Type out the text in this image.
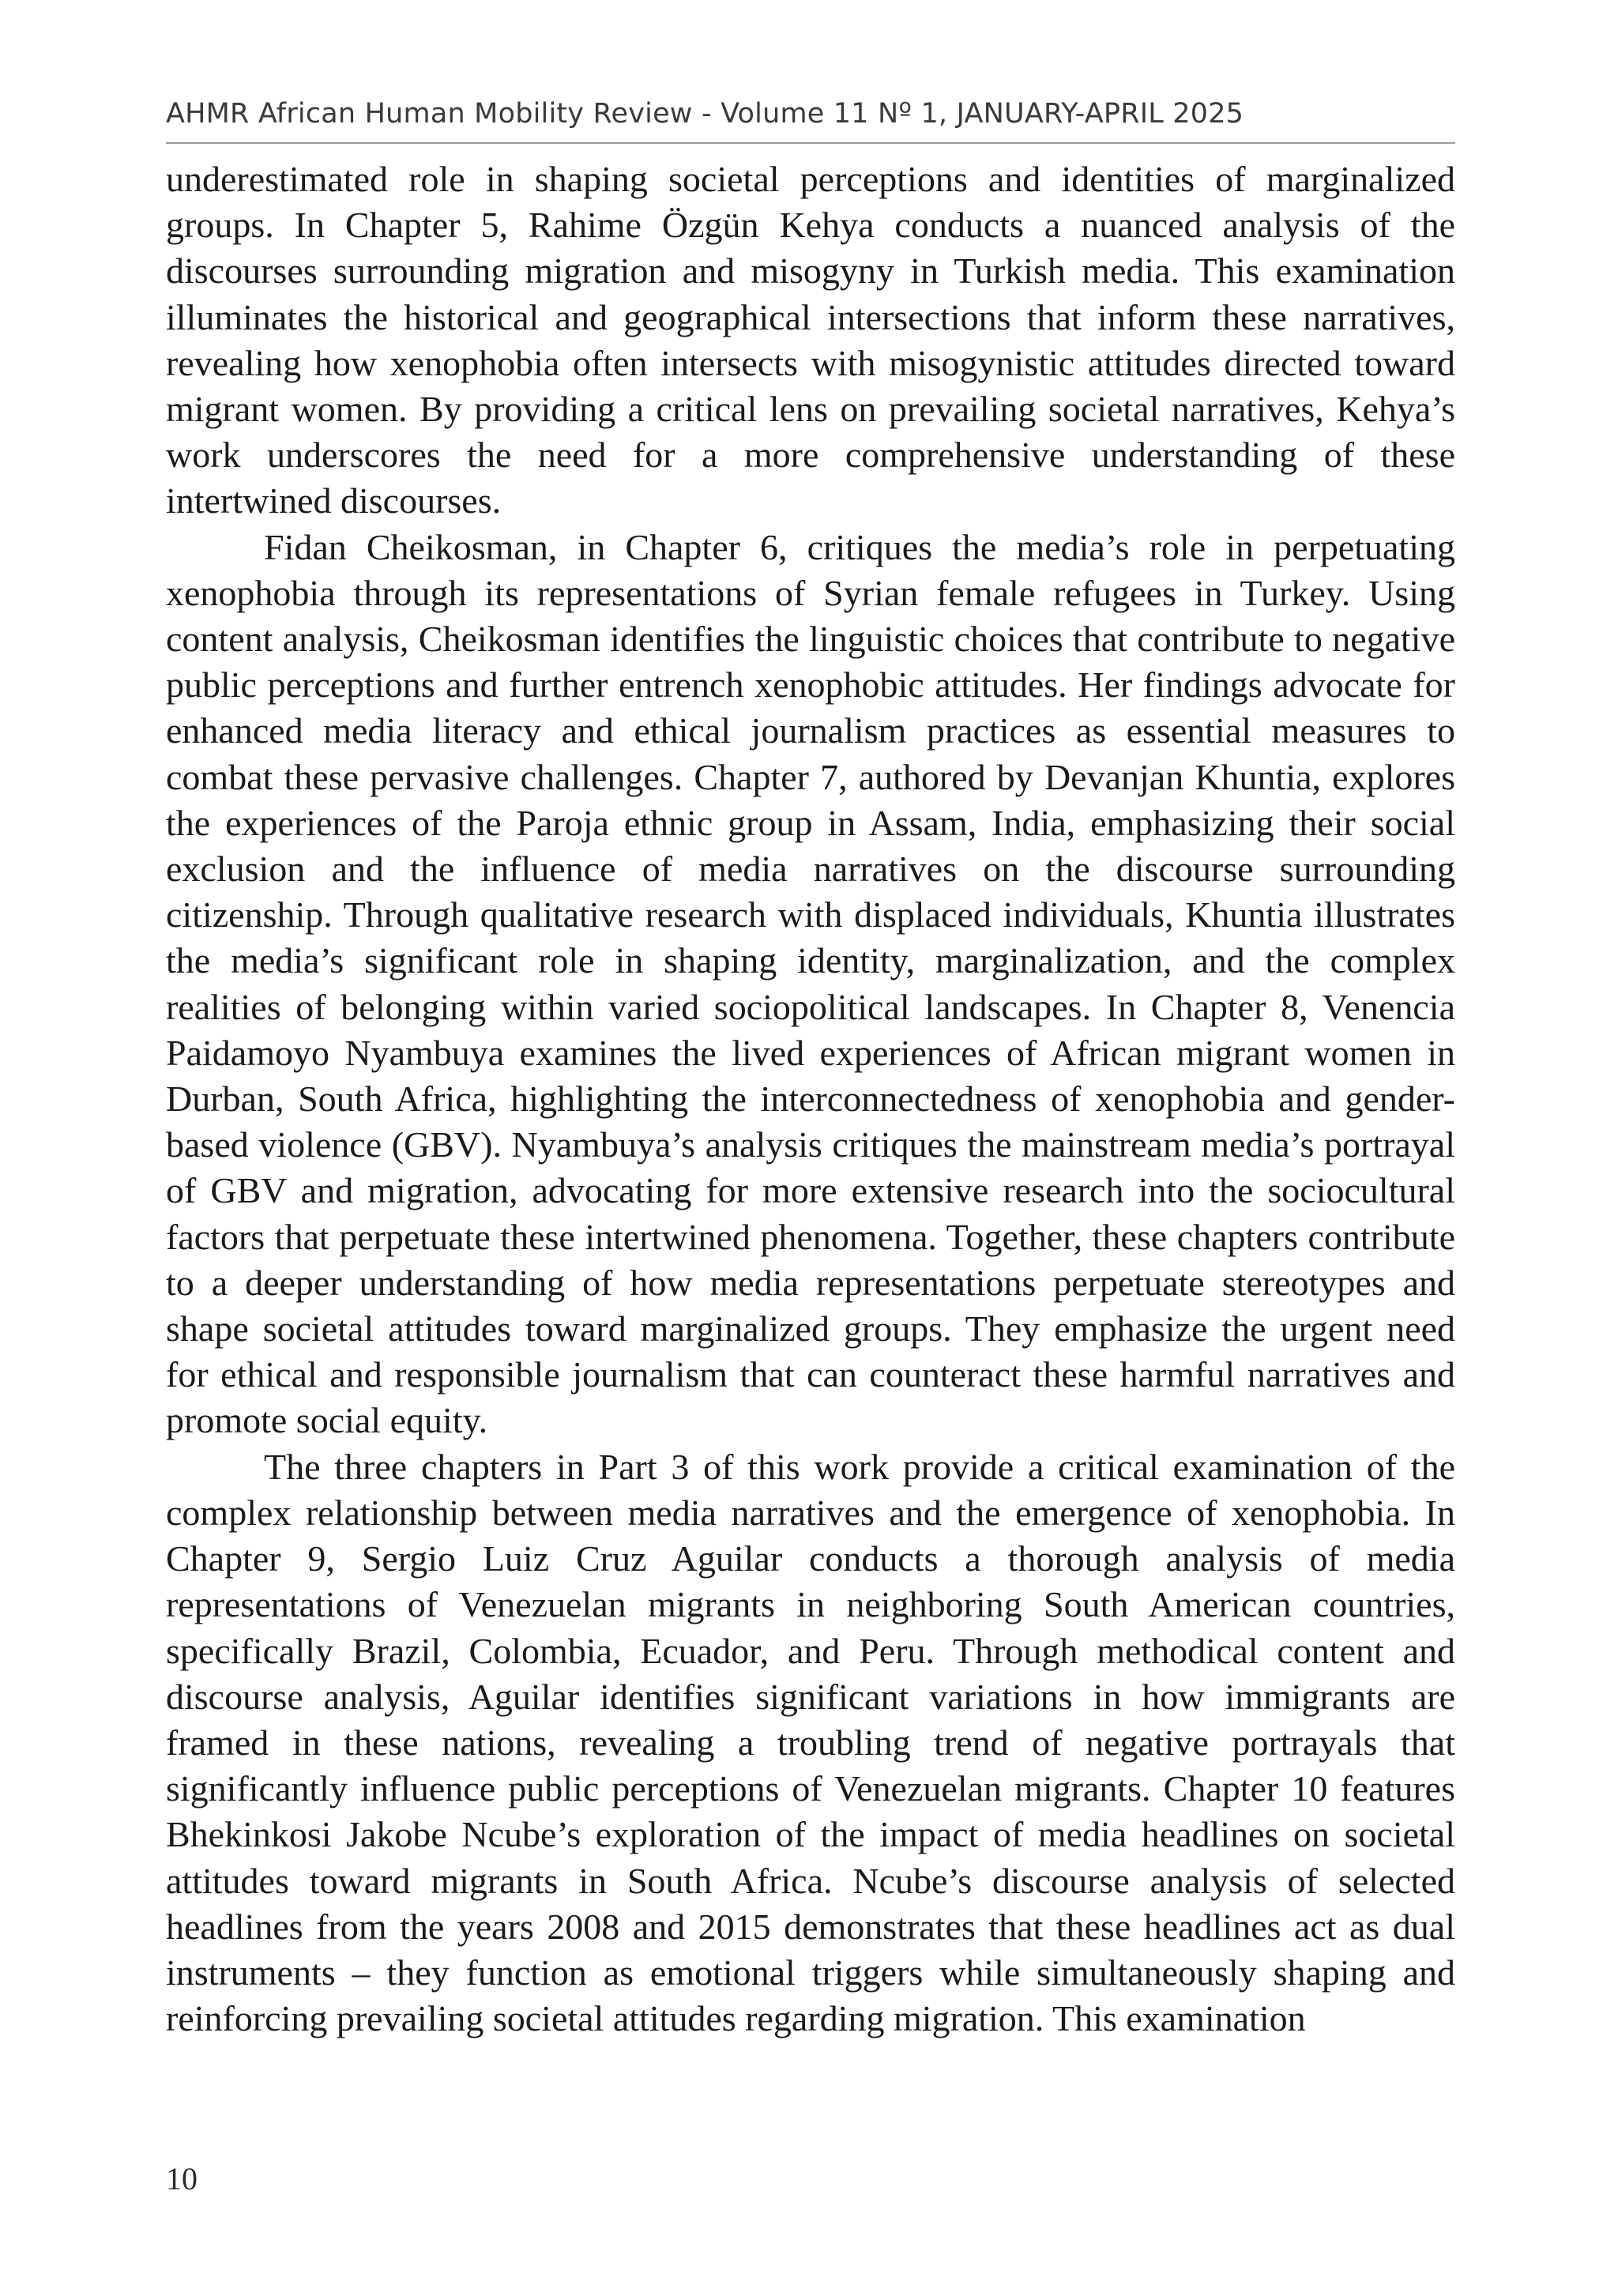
AHMR African Human Mobility Review - Volume 11 Nº 1, JANUARY-APRIL 2025

underestimated role in shaping societal perceptions and identities of marginalized groups. In Chapter 5, Rahime Özgün Kehya conducts a nuanced analysis of the discourses surrounding migration and misogyny in Turkish media. This examination illuminates the historical and geographical intersections that inform these narratives, revealing how xenophobia often intersects with misogynistic attitudes directed toward migrant women. By providing a critical lens on prevailing societal narratives, Kehya’s work underscores the need for a more comprehensive understanding of these intertwined discourses.

Fidan Cheikosman, in Chapter 6, critiques the media’s role in perpetuating xenophobia through its representations of Syrian female refugees in Turkey. Using content analysis, Cheikosman identifies the linguistic choices that contribute to negative public perceptions and further entrench xenophobic attitudes. Her findings advocate for enhanced media literacy and ethical journalism practices as essential measures to combat these pervasive challenges. Chapter 7, authored by Devanjan Khuntia, explores the experiences of the Paroja ethnic group in Assam, India, emphasizing their social exclusion and the influence of media narratives on the discourse surrounding citizenship. Through qualitative research with displaced individuals, Khuntia illustrates the media’s significant role in shaping identity, marginalization, and the complex realities of belonging within varied sociopolitical landscapes. In Chapter 8, Venencia Paidamoyo Nyambuya examines the lived experiences of African migrant women in Durban, South Africa, highlighting the interconnectedness of xenophobia and gender-based violence (GBV). Nyambuya’s analysis critiques the mainstream media’s portrayal of GBV and migration, advocating for more extensive research into the sociocultural factors that perpetuate these intertwined phenomena. Together, these chapters contribute to a deeper understanding of how media representations perpetuate stereotypes and shape societal attitudes toward marginalized groups. They emphasize the urgent need for ethical and responsible journalism that can counteract these harmful narratives and promote social equity.

The three chapters in Part 3 of this work provide a critical examination of the complex relationship between media narratives and the emergence of xenophobia. In Chapter 9, Sergio Luiz Cruz Aguilar conducts a thorough analysis of media representations of Venezuelan migrants in neighboring South American countries, specifically Brazil, Colombia, Ecuador, and Peru. Through methodical content and discourse analysis, Aguilar identifies significant variations in how immigrants are framed in these nations, revealing a troubling trend of negative portrayals that significantly influence public perceptions of Venezuelan migrants. Chapter 10 features Bhekinkosi Jakobe Ncube’s exploration of the impact of media headlines on societal attitudes toward migrants in South Africa. Ncube’s discourse analysis of selected headlines from the years 2008 and 2015 demonstrates that these headlines act as dual instruments – they function as emotional triggers while simultaneously shaping and reinforcing prevailing societal attitudes regarding migration. This examination

10
